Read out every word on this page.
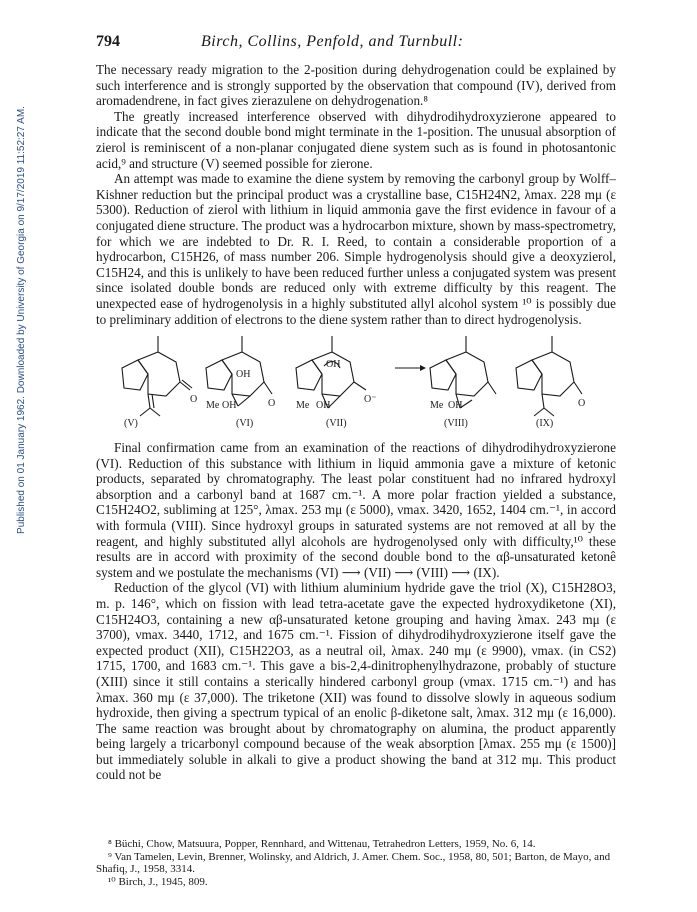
Published on 01 January 1962. Downloaded by University of Georgia on 9/17/2019 11:52:27 AM.
794	Birch, Collins, Penfold, and Turnbull:

The necessary ready migration to the 2-position during dehydrogenation could be explained by such interference and is strongly supported by the observation that compound (IV), derived from aromadendrene, in fact gives zierazulene on dehydrogenation.⁸

The greatly increased interference observed with dihydrodihydroxyzierone appeared to indicate that the second double bond might terminate in the 1-position. The unusual absorption of zierol is reminiscent of a non-planar conjugated diene system such as is found in photosantonic acid,⁹ and structure (V) seemed possible for zierone.

An attempt was made to examine the diene system by removing the carbonyl group by Wolff–Kishner reduction but the principal product was a crystalline base, C15H24N2, λmax. 228 mμ (ε 5300). Reduction of zierol with lithium in liquid ammonia gave the first evidence in favour of a conjugated diene structure. The product was a hydrocarbon mixture, shown by mass-spectrometry, for which we are indebted to Dr. R. I. Reed, to contain a considerable proportion of a hydrocarbon, C15H26, of mass number 206. Simple hydrogenolysis should give a deoxyzierol, C15H24, and this is unlikely to have been reduced further unless a conjugated system was present since isolated double bonds are reduced only with extreme difficulty by this reagent. The unexpected ease of hydrogenolysis in a highly substituted allyl alcohol system ¹⁰ is possibly due to preliminary addition of electrons to the diene system rather than to direct hydrogenolysis.

OH
Me OH	O
OH
Me OH
O⁻
Me OH	O
O
(V)	(VI)	(VII)	(VIII)	(IX)

Final confirmation came from an examination of the reactions of dihydrodihydroxyzierone (VI). Reduction of this substance with lithium in liquid ammonia gave a mixture of ketonic products, separated by chromatography. The least polar constituent had no infrared hydroxyl absorption and a carbonyl band at 1687 cm.⁻¹. A more polar fraction yielded a substance, C15H24O2, subliming at 125°, λmax. 253 mμ (ε 5000), νmax. 3420, 1652, 1404 cm.⁻¹, in accord with formula (VIII). Since hydroxyl groups in saturated systems are not removed at all by the reagent, and highly substituted allyl alcohols are hydrogenolysed only with difficulty,¹⁰ these results are in accord with proximity of the second double bond to the αβ-unsaturated ketonê system and we postulate the mechanisms (VI) ⟶ (VII) ⟶ (VIII) ⟶ (IX).

Reduction of the glycol (VI) with lithium aluminium hydride gave the triol (X), C15H28O3, m. p. 146°, which on fission with lead tetra-acetate gave the expected hydroxydiketone (XI), C15H24O3, containing a new αβ-unsaturated ketone grouping and having λmax. 243 mμ (ε 3700), νmax. 3440, 1712, and 1675 cm.⁻¹. Fission of dihydrodihydroxyzierone itself gave the expected product (XII), C15H22O3, as a neutral oil, λmax. 240 mμ (ε 9900), νmax. (in CS2) 1715, 1700, and 1683 cm.⁻¹. This gave a bis-2,4-dinitrophenylhydrazone, probably of stucture (XIII) since it still contains a sterically hindered carbonyl group (νmax. 1715 cm.⁻¹) and has λmax. 360 mμ (ε 37,000). The triketone (XII) was found to dissolve slowly in aqueous sodium hydroxide, then giving a spectrum typical of an enolic β-diketone salt, λmax. 312 mμ (ε 16,000). The same reaction was brought about by chromatography on alumina, the product apparently being largely a tricarbonyl compound because of the weak absorption [λmax. 255 mμ (ε 1500)] but immediately soluble in alkali to give a product showing the band at 312 mμ. This product could not be

⁸ Büchi, Chow, Matsuura, Popper, Rennhard, and Wittenau, Tetrahedron Letters, 1959, No. 6, 14.
⁹ Van Tamelen, Levin, Brenner, Wolinsky, and Aldrich, J. Amer. Chem. Soc., 1958, 80, 501; Barton, de Mayo, and Shafiq, J., 1958, 3314.
¹⁰ Birch, J., 1945, 809.
